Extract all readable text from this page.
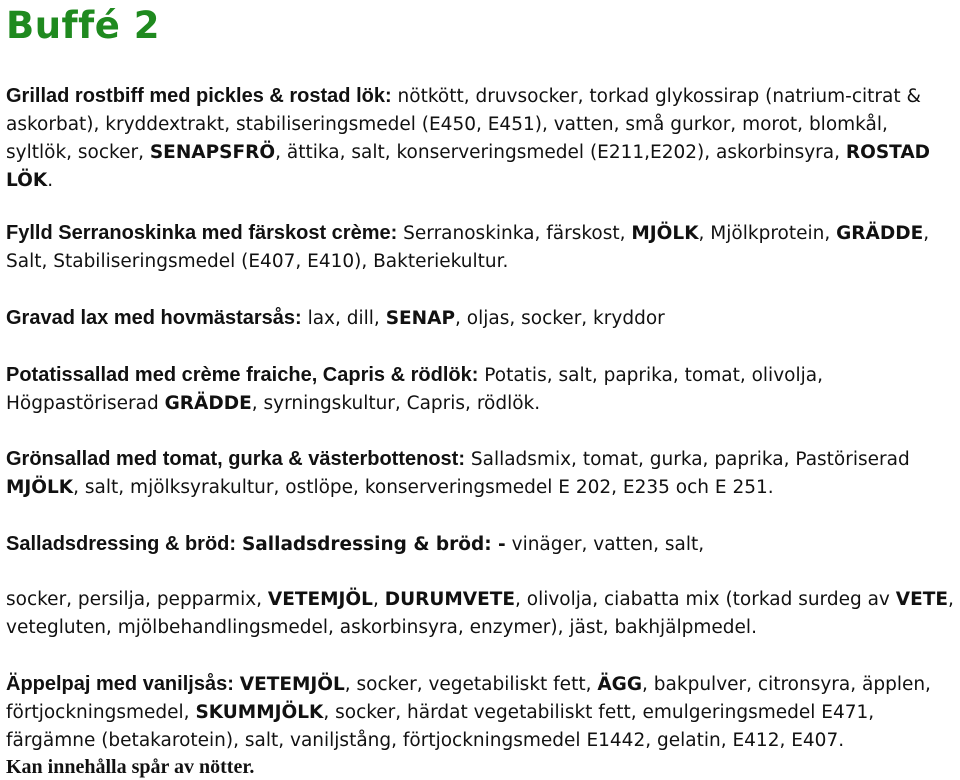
Buffé 2

Grillad rostbiff med pickles & rostad lök: nötkött, druvsocker, torkad glykossirap (natrium-citrat & askorbat), kryddextrakt, stabiliseringsmedel (E450, E451), vatten, små gurkor, morot, blomkål, syltlök, socker, SENAPSFRÖ, ättika, salt, konserveringsmedel (E211,E202), askorbinsyra, ROSTAD LÖK.

Fylld Serranoskinka med färskost crème: Serranoskinka, färskost, MJÖLK, Mjölkprotein, GRÄDDE, Salt, Stabiliseringsmedel (E407, E410), Bakteriekultur.

Gravad lax med hovmästarsås: lax, dill, SENAP, oljas, socker, kryddor

Potatissallad med crème fraiche, Capris & rödlök: Potatis, salt, paprika, tomat, olivolja, Högpastöriserad GRÄDDE, syrningskultur, Capris, rödlök.

Grönsallad med tomat, gurka & västerbottenost: Salladsmix, tomat, gurka, paprika, Pastöriserad MJÖLK, salt, mjölksyrakultur, ostlöpe, konserveringsmedel E 202, E235 och E 251.

Salladsdressing & bröd: Salladsdressing & bröd: - vinäger, vatten, salt,

socker, persilja, pepparmix, VETEMJÖL, DURUMVETE, olivolja, ciabatta mix (torkad surdeg av VETE, vetegluten, mjölbehandlingsmedel, askorbinsyra, enzymer), jäst, bakhjälpmedel.

Äppelpaj med vaniljsås: VETEMJÖL, socker, vegetabiliskt fett, ÄGG, bakpulver, citronsyra, äpplen, förtjockningsmedel, SKUMMJÖLK, socker, härdat vegetabiliskt fett, emulgeringsmedel E471, färgämne (betakarotein), salt, vaniljstång, förtjockningsmedel E1442, gelatin, E412, E407.

Kan innehålla spår av nötter.
